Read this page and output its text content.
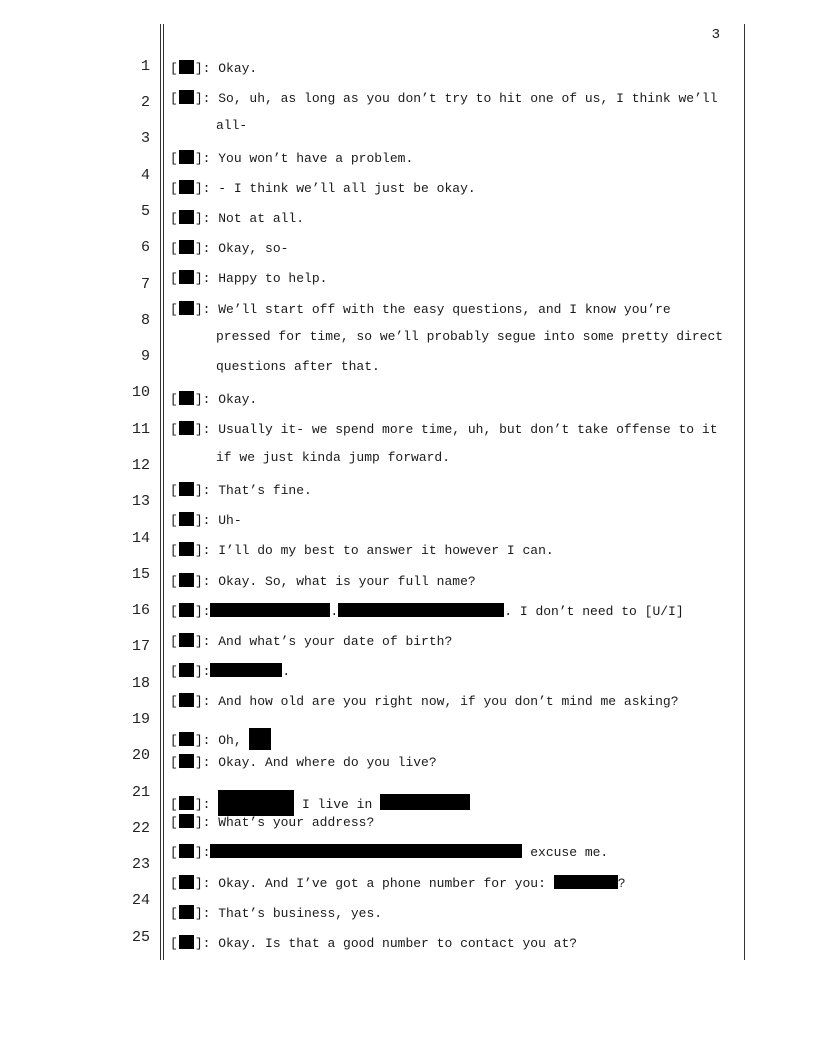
3
1
2
3
4
5
6
7
8
9
10
11
12
13
14
15
16
17
18
19
20
21
22
23
24
25
[ ]: Okay.
[ ]: So, uh, as long as you don’t try to hit one of us, I think we’ll
all-
[ ]: You won’t have a problem.
[ ]: - I think we’ll all just be okay.
[ ]: Not at all.
[ ]: Okay, so-
[ ]: Happy to help.
[ ]: We’ll start off with the easy questions, and I know you’re
pressed for time, so we’ll probably segue into some pretty direct
questions after that.
[ ]: Okay.
[ ]: Usually it- we spend more time, uh, but don’t take offense to it
if we just kinda jump forward.
[ ]: That’s fine.
[ ]: Uh-
[ ]: I’ll do my best to answer it however I can.
[ ]: Okay. So, what is your full name?
[ ]:	.	. I don’t need to [U/I]
[ ]: And what’s your date of birth?
[ ]:	.
[ ]: And how old are you right now, if you don’t mind me asking?
[ ]: Oh,
[ ]: Okay. And where do you live?
[ ]:	I live in
[ ]: What’s your address?
[ ]:	excuse me.
[ ]: Okay. And I’ve got a phone number for you:	?
[ ]: That’s business, yes.
[ ]: Okay. Is that a good number to contact you at?
